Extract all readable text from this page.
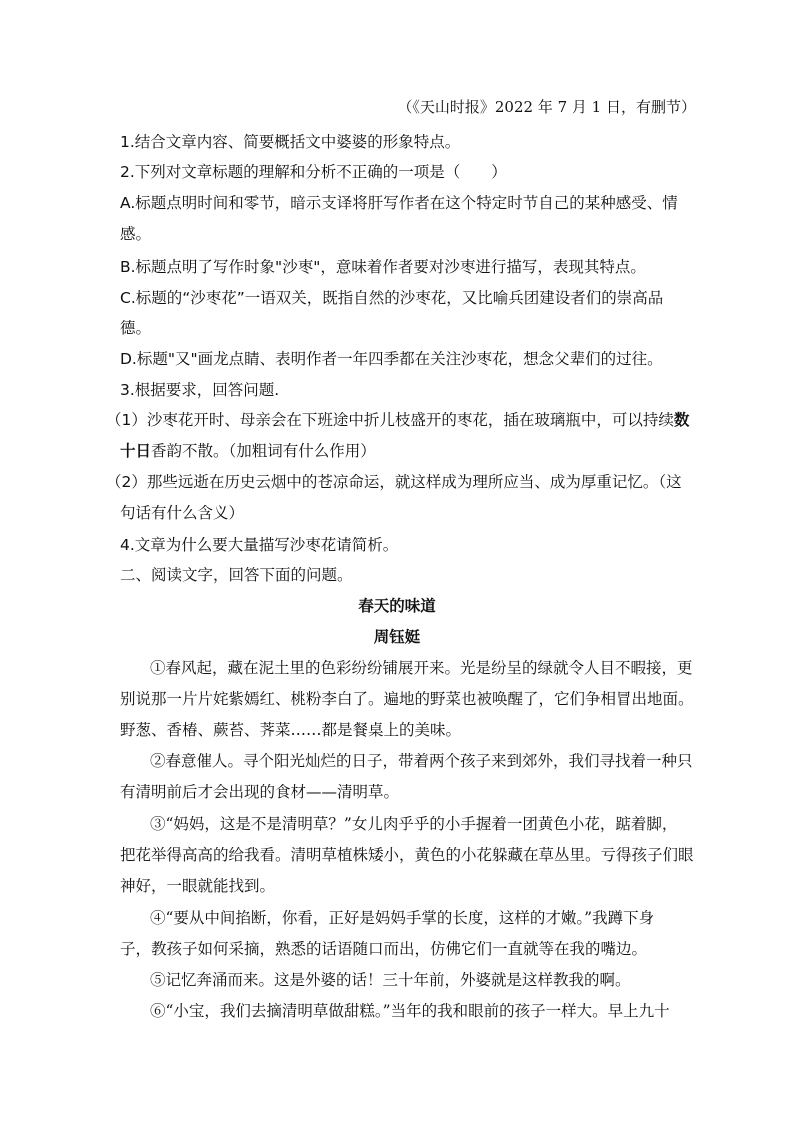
（《天山时报》2022 年 7 月 1 日，有删节）
1.结合文章内容、简要概括文中婆婆的形象特点。
2.下列对文章标题的理解和分析不正确的一项是（　　）
A.标题点明时间和零节，暗示支译将肝写作者在这个特定时节自己的某种感受、情
感。
B.标题点明了写作时象"沙枣"，意味着作者要对沙枣进行描写，表现其特点。
C.标题的“沙枣花”一语双关，既指自然的沙枣花，又比喻兵团建设者们的崇高品
德。
D.标题"又"画龙点睛、表明作者一年四季都在关注沙枣花，想念父辈们的过往。
3.根据要求，回答问题.
（1）沙枣花开时、母亲会在下班途中折儿枝盛开的枣花，插在玻璃瓶中，可以持续数
十日香韵不散。（加粗词有什么作用）
（2）那些远逝在历史云烟中的苍凉命运，就这样成为理所应当、成为厚重记忆。（这
句话有什么含义）
4.文章为什么要大量描写沙枣花请简析。
二、阅读文字，回答下面的问题。
春天的味道
周钰娗
①春风起，藏在泥土里的色彩纷纷铺展开来。光是纷呈的绿就令人目不暇接，更
别说那一片片姹紫嫣红、桃粉李白了。遍地的野菜也被唤醒了，它们争相冒出地面。
野葱、香椿、蕨苔、荠菜……都是餐桌上的美味。
②春意催人。寻个阳光灿烂的日子，带着两个孩子来到郊外，我们寻找着一种只
有清明前后才会出现的食材——清明草。
③“妈妈，这是不是清明草？”女儿肉乎乎的小手握着一团黄色小花，踮着脚，
把花举得高高的给我看。清明草植株矮小，黄色的小花躲藏在草丛里。亏得孩子们眼
神好，一眼就能找到。
④“要从中间掐断，你看，正好是妈妈手掌的长度，这样的才嫩。”我蹲下身
子，教孩子如何采摘，熟悉的话语随口而出，仿佛它们一直就等在我的嘴边。
⑤记忆奔涌而来。这是外婆的话！三十年前，外婆就是这样教我的啊。
⑥“小宝，我们去摘清明草做甜糕。”当年的我和眼前的孩子一样大。早上九十
